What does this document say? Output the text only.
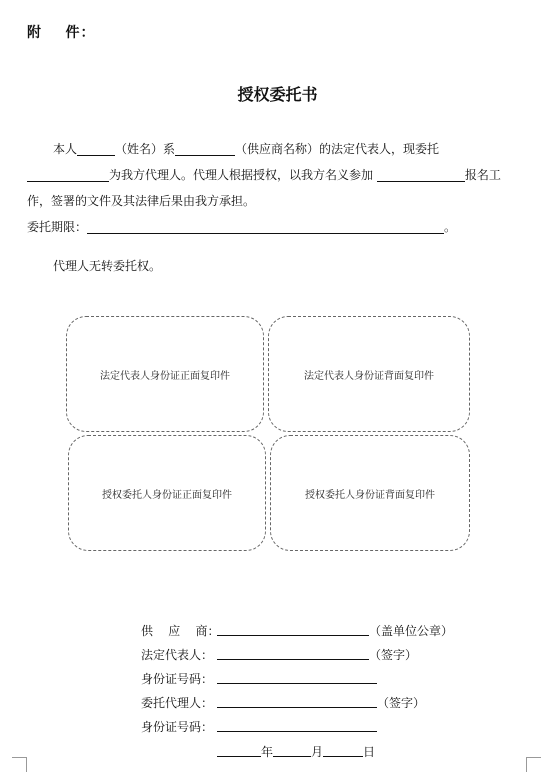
附    件：
授权委托书
本人	（姓名）系	（供应商名称）的法定代表人，现委托
为我方代理人。代理人根据授权，以我方名义参加	报名工
作，签署的文件及其法律后果由我方承担。
委托期限：	。
代理人无转委托权。
法定代表人身份证正面复印件	法定代表人身份证背面复印件
授权委托人身份证正面复印件	授权委托人身份证背面复印件
供    应    商：	（盖单位公章）
法定代表人：	（签字）
身份证号码：
委托代理人：	（签字）
身份证号码：
年	月	日
